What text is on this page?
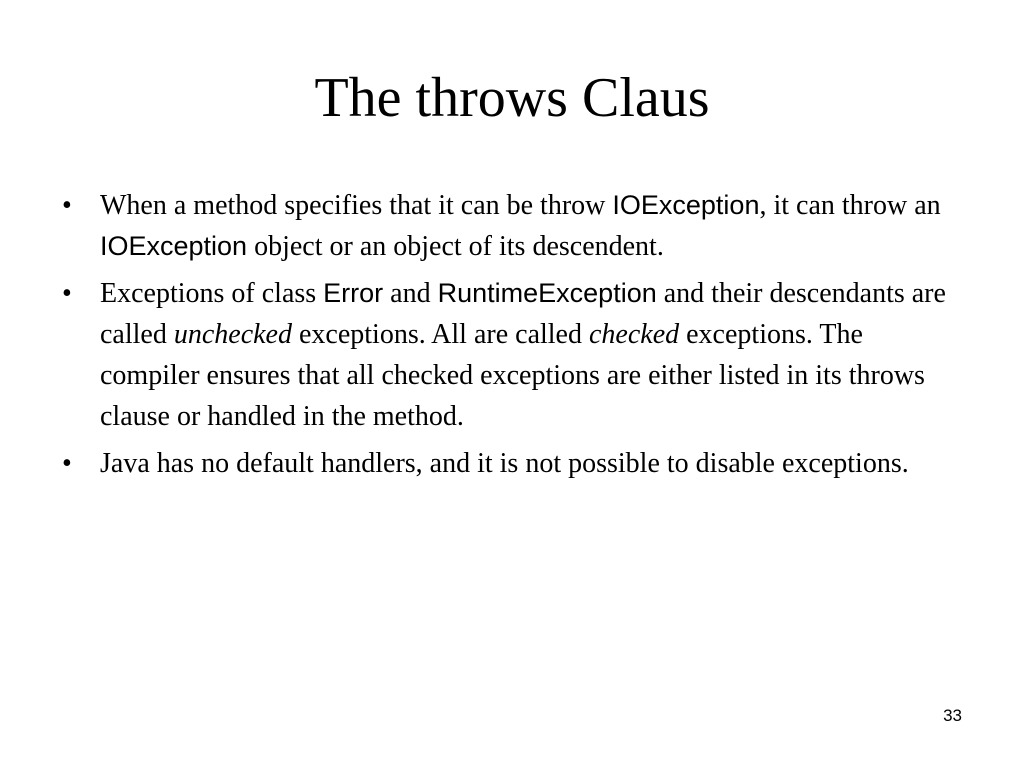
The throws Claus
• When a method specifies that it can be throw IOException, it can throw an IOException object or an object of its descendent.
• Exceptions of class Error and RuntimeException and their descendants are called unchecked exceptions. All are called checked exceptions. The compiler ensures that all checked exceptions are either listed in its throws clause or handled in the method.
• Java has no default handlers, and it is not possible to disable exceptions.
33
